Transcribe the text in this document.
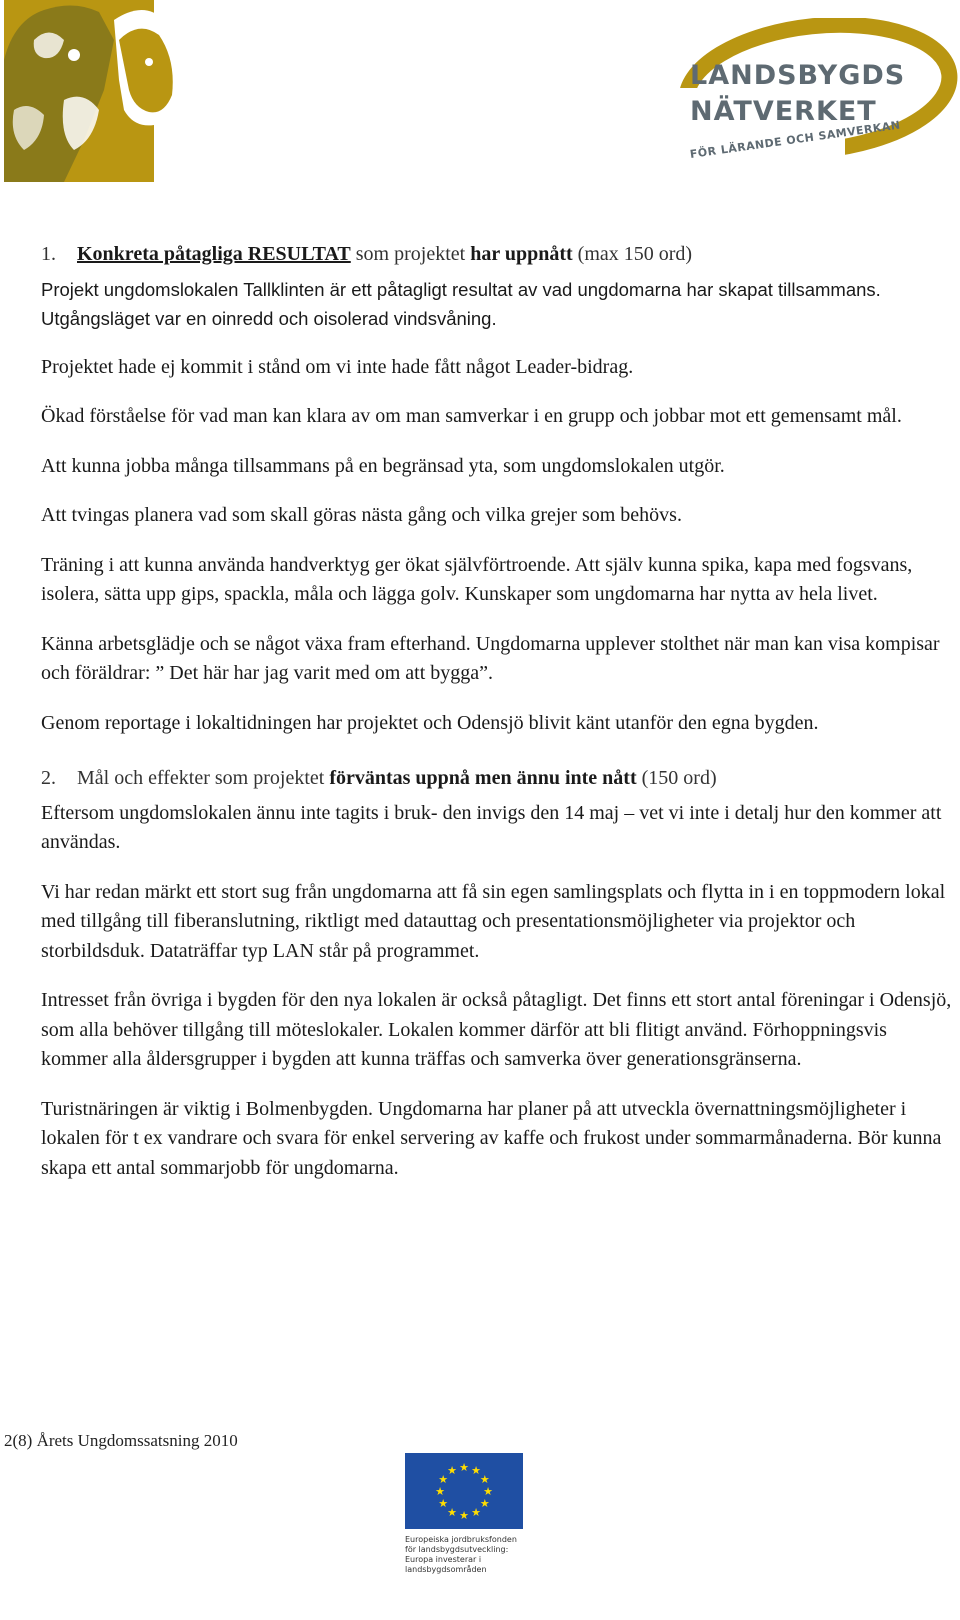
LANDSBYGDS
NÄTVERKET
FÖR LÄRANDE OCH SAMVERKAN
1. Konkreta påtagliga RESULTAT som projektet har uppnått (max 150 ord)

Projekt ungdomslokalen Tallklinten är ett påtagligt resultat av vad ungdomarna har skapat tillsammans. Utgångsläget var en oinredd och oisolerad vindsvåning.

Projektet hade ej kommit i stånd om vi inte hade fått något Leader-bidrag.

Ökad förståelse för vad man kan klara av om man samverkar i en grupp och jobbar mot ett gemensamt mål.

Att kunna jobba många tillsammans på en begränsad yta, som ungdomslokalen utgör.

Att tvingas planera vad som skall göras nästa gång och vilka grejer som behövs.

Träning i att kunna använda handverktyg ger ökat självförtroende. Att själv kunna spika, kapa med fogsvans, isolera, sätta upp gips, spackla, måla och lägga golv. Kunskaper som ungdomarna har nytta av hela livet.

Känna arbetsglädje och se något växa fram efterhand. Ungdomarna upplever stolthet när man kan visa kompisar och föräldrar: ” Det här har jag varit med om att bygga”.

Genom reportage i lokaltidningen har projektet och Odensjö blivit känt utanför den egna bygden.

2. Mål och effekter som projektet förväntas uppnå men ännu inte nått (150 ord)

Eftersom ungdomslokalen ännu inte tagits i bruk- den invigs den 14 maj – vet vi inte i detalj hur den kommer att användas.

Vi har redan märkt ett stort sug från ungdomarna att få sin egen samlingsplats och flytta in i en toppmodern lokal med tillgång till fiberanslutning, riktligt med datauttag och presentationsmöjligheter via projektor och storbildsduk. Dataträffar typ LAN står på programmet.

Intresset från övriga i bygden för den nya lokalen är också påtagligt. Det finns ett stort antal föreningar i Odensjö, som alla behöver tillgång till möteslokaler. Lokalen kommer därför att bli flitigt använd. Förhoppningsvis kommer alla åldersgrupper i bygden att kunna träffas och samverka över generationsgränserna.

Turistnäringen är viktig i Bolmenbygden. Ungdomarna har planer på att utveckla övernattningsmöjligheter i lokalen för t ex vandrare och svara för enkel servering av kaffe och frukost under sommarmånaderna. Bör kunna skapa ett antal sommarjobb för ungdomarna.

2(8) Årets Ungdomssatsning 2010
★ ★
★
★
★
★
★
★
★
★
★
★
Europeiska jordbruksfonden för landsbygdsutveckling: Europa investerar i landsbygdsområden
